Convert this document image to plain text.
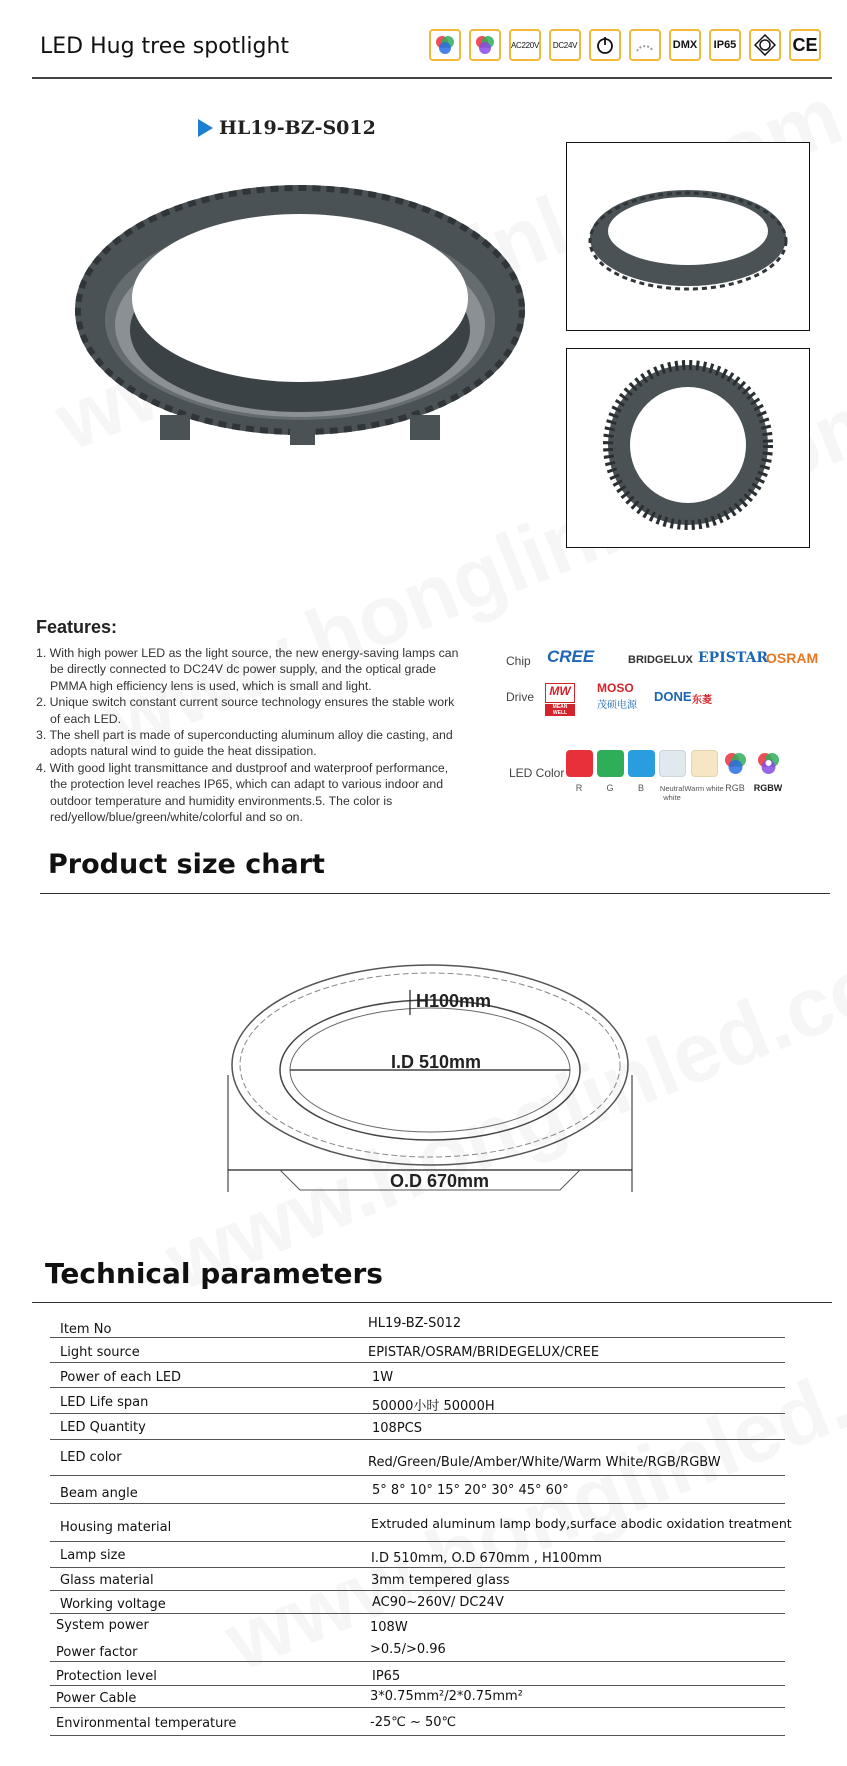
LED Hug tree spotlight	AC220V	DC24V	DMX	IP65	CE
HL19-BZ-S012
Features:
1. With high power LED as the light source, the new energy-saving lamps can be directly connected to DC24V dc power supply, and the optical grade PMMA high efficiency lens is used, which is small and light.
2. Unique switch constant current source technology ensures the stable work of each LED.
3. The shell part is made of superconducting aluminum alloy die casting, and adopts natural wind to guide the heat dissipation.
4. With good light transmittance and dustproof and waterproof performance, the protection level reaches IP65, which can adapt to various indoor and outdoor temperature and humidity environments.5. The color is red/yellow/blue/green/white/colorful and so on.
Chip CREE	BRIDGELUX EPISTAR
OSRAM
Drive	MW
MEAN WELL
MOSO
茂硕电源
DONE 东菱
LED Color
R	G	B	Neutral white
Warm white RGB	RGBW
Product size chart
H100mm
I.D 510mm
O.D 670mm
Technical parameters
Item No	HL19-BZ-S012
Light source	EPISTAR/OSRAM/BRIDEGELUX/CREE
Power of each LED	1W
LED Life span	50000小时 50000H
LED Quantity	108PCS
LED color	Red/Green/Bule/Amber/White/Warm White/RGB/RGBW
Beam angle	5° 8° 10° 15° 20° 30° 45° 60°
Housing material	Extruded aluminum lamp body,surface abodic oxidation treatment
Lamp size	I.D 510mm, O.D 670mm , H100mm
Glass material	3mm tempered glass
Working voltage	AC90~260V/ DC24V
System power	108W
Power factor	>0.5/>0.96
Protection level	IP65
Power Cable	3*0.75mm²/2*0.75mm²
Environmental temperature	-25℃ ~ 50℃
